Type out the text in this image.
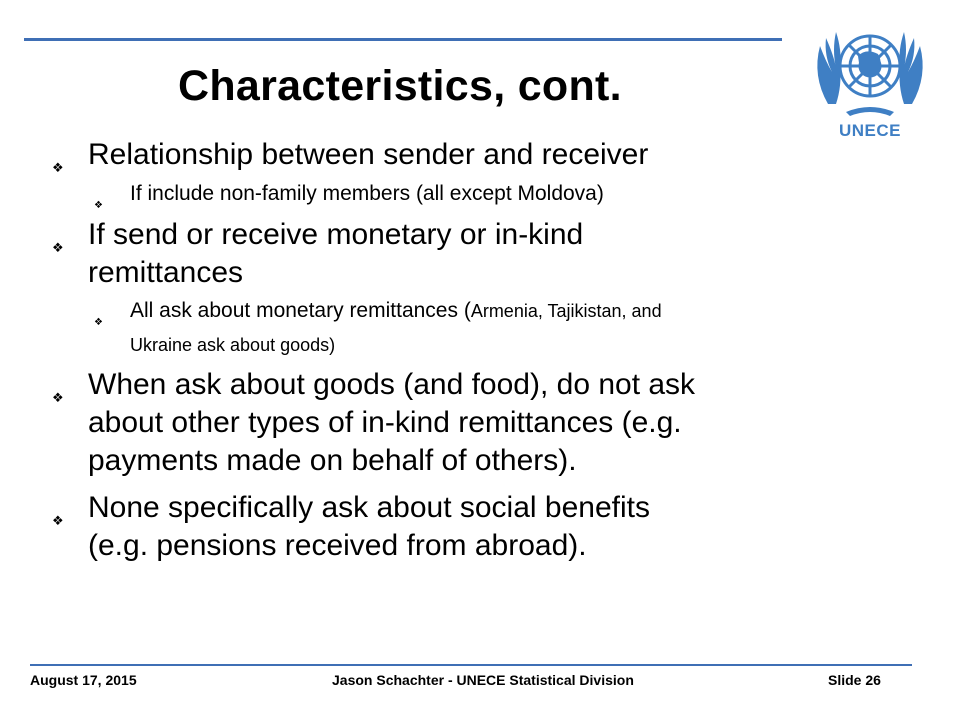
Characteristics, cont.
UNECE
❖ Relationship between sender and receiver
❖
If include non-family members (all except Moldova)
❖ If send or receive monetary or in-kind
remittances
❖
All ask about monetary remittances (Armenia, Tajikistan, and
Ukraine ask about goods)
❖ When ask about goods (and food), do not ask
about other types of in-kind remittances (e.g.
payments made on behalf of others).
❖ None specifically ask about social benefits
(e.g. pensions received from abroad).
August 17, 2015	Jason Schachter - UNECE Statistical Division	Slide 26
